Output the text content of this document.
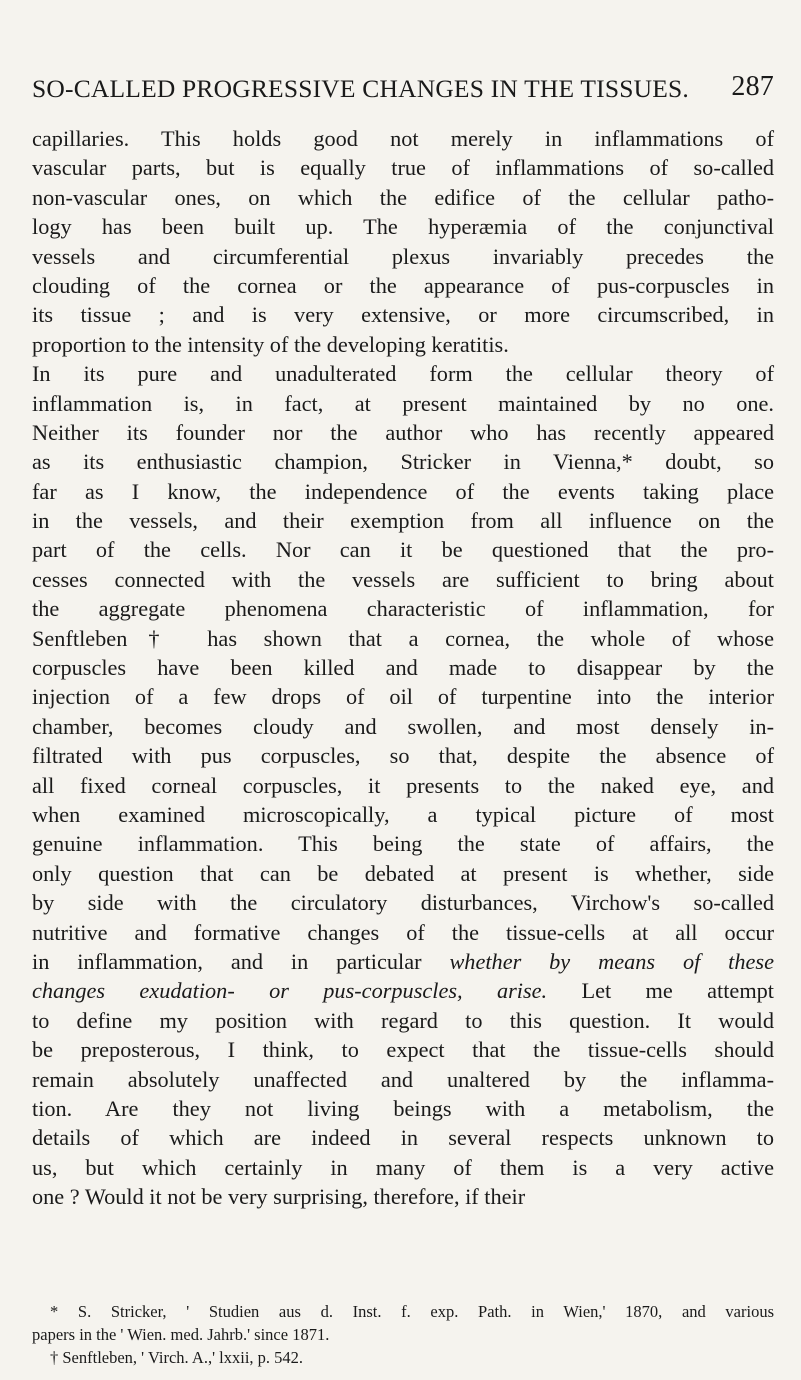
SO-CALLED PROGRESSIVE CHANGES IN THE TISSUES. 287
capillaries. This holds good not merely in inflammations of
vascular parts, but is equally true of inflammations of so-called
non-vascular ones, on which the edifice of the cellular patho-
logy has been built up. The hyperæmia of the conjunctival
vessels and circumferential plexus invariably precedes the
clouding of the cornea or the appearance of pus-corpuscles in
its tissue ; and is very extensive, or more circumscribed, in
proportion to the intensity of the developing keratitis.
In its pure and unadulterated form the cellular theory of
inflammation is, in fact, at present maintained by no one.
Neither its founder nor the author who has recently appeared
as its enthusiastic champion, Stricker in Vienna,* doubt, so
far as I know, the independence of the events taking place
in the vessels, and their exemption from all influence on the
part of the cells. Nor can it be questioned that the pro-
cesses connected with the vessels are sufficient to bring about
the aggregate phenomena characteristic of inflammation, for
Senftleben† has shown that a cornea, the whole of whose
corpuscles have been killed and made to disappear by the
injection of a few drops of oil of turpentine into the interior
chamber, becomes cloudy and swollen, and most densely in-
filtrated with pus corpuscles, so that, despite the absence of
all fixed corneal corpuscles, it presents to the naked eye, and
when examined microscopically, a typical picture of most
genuine inflammation. This being the state of affairs, the
only question that can be debated at present is whether, side
by side with the circulatory disturbances, Virchow's so-called
nutritive and formative changes of the tissue-cells at all occur
in inflammation, and in particular whether by means of these
changes exudation- or pus-corpuscles, arise. Let me attempt
to define my position with regard to this question. It would
be preposterous, I think, to expect that the tissue-cells should
remain absolutely unaffected and unaltered by the inflamma-
tion. Are they not living beings with a metabolism, the
details of which are indeed in several respects unknown to
us, but which certainly in many of them is a very active
one ? Would it not be very surprising, therefore, if their
* S. Stricker, ' Studien aus d. Inst. f. exp. Path. in Wien,' 1870, and various
papers in the ' Wien. med. Jahrb.' since 1871.
† Senftleben, ' Virch. A.,' lxxii, p. 542.
